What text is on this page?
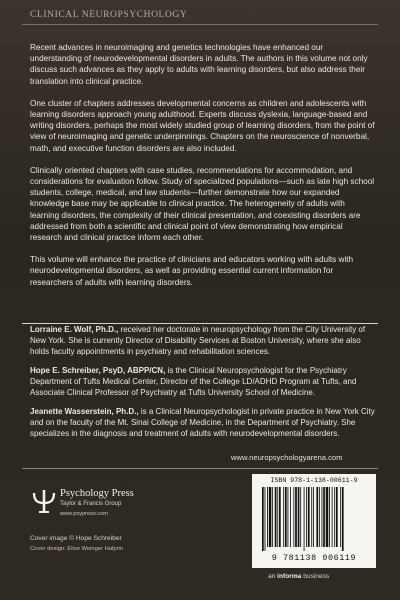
CLINICAL NEUROPSYCHOLOGY

Recent advances in neuroimaging and genetics technologies have enhanced our understanding of neurodevelopmental disorders in adults. The authors in this volume not only discuss such advances as they apply to adults with learning disorders, but also address their translation into clinical practice.

One cluster of chapters addresses developmental concerns as children and adolescents with learning disorders approach young adulthood. Experts discuss dyslexia, language-based and writing disorders, perhaps the most widely studied group of learning disorders, from the point of view of neuroimaging and genetic underpinnings. Chapters on the neuroscience of nonverbal, math, and executive function disorders are also included.

Clinically oriented chapters with case studies, recommendations for accommodation, and considerations for evaluation follow. Study of specialized populations—such as late high school students, college, medical, and law students—further demonstrate how our expanded knowledge base may be applicable to clinical practice. The heterogeneity of adults with learning disorders, the complexity of their clinical presentation, and coexisting disorders are addressed from both a scientific and clinical point of view demonstrating how empirical research and clinical practice inform each other.

This volume will enhance the practice of clinicians and educators working with adults with neurodevelopmental disorders, as well as providing essential current information for researchers of adults with learning disorders.

Lorraine E. Wolf, Ph.D., received her doctorate in neuropsychology from the City University of New York. She is currently Director of Disability Services at Boston University, where she also holds faculty appointments in psychiatry and rehabilitation sciences.

Hope E. Schreiber, PsyD, ABPP/CN, is the Clinical Neuropsychologist for the Psychiatry Department of Tufts Medical Center, Director of the College LD/ADHD Program at Tufts, and Associate Clinical Professor of Psychiatry at Tufts University School of Medicine.

Jeanette Wasserstein, Ph.D., is a Clinical Neuropsychologist in private practice in New York City and on the faculty of the Mt. Sinai College of Medicine, in the Department of Psychiatry. She specializes in the diagnosis and treatment of adults with neurodevelopmental disorders.

www.neuropsychologyarena.com
Psychology Press
Taylor & Francis Group
www.psypress.com
Cover image © Hope Schreiber
Cover design: Elise Weinger Halprin
ISBN 978-1-138-00611-9
9 781138 006119
an informa business
